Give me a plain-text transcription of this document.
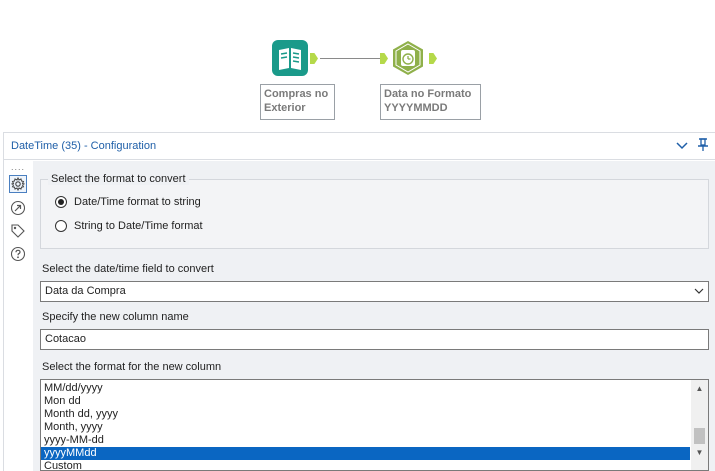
Compras no
Exterior
Data no Formato
YYYYMMDD
DateTime (35) - Configuration
....
Date/Time format to string
String to Date/Time format
Select the format to convert
Select the date/time field to convert
Data da Compra
Specify the new column name
Cotacao
Select the format for the new column
MM/dd/yyyy
Mon dd
Month dd, yyyy
Month, yyyy
yyyy-MM-dd
yyyyMMdd
Custom
▲
▼
